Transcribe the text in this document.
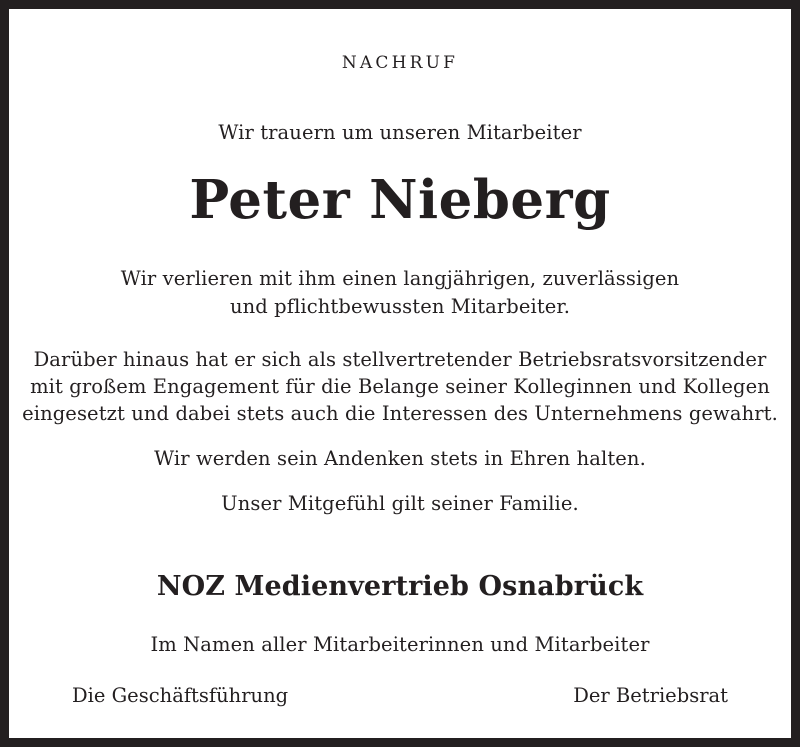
NACHRUF
Wir trauern um unseren Mitarbeiter
Peter Nieberg
Wir verlieren mit ihm einen langjährigen, zuverlässigen
und pflichtbewussten Mitarbeiter.
Darüber hinaus hat er sich als stellvertretender Betriebsratsvorsitzender
mit großem Engagement für die Belange seiner Kolleginnen und Kollegen
eingesetzt und dabei stets auch die Interessen des Unternehmens gewahrt.
Wir werden sein Andenken stets in Ehren halten.
Unser Mitgefühl gilt seiner Familie.
NOZ Medienvertrieb Osnabrück
Im Namen aller Mitarbeiterinnen und Mitarbeiter
Die Geschäftsführung	Der Betriebsrat
